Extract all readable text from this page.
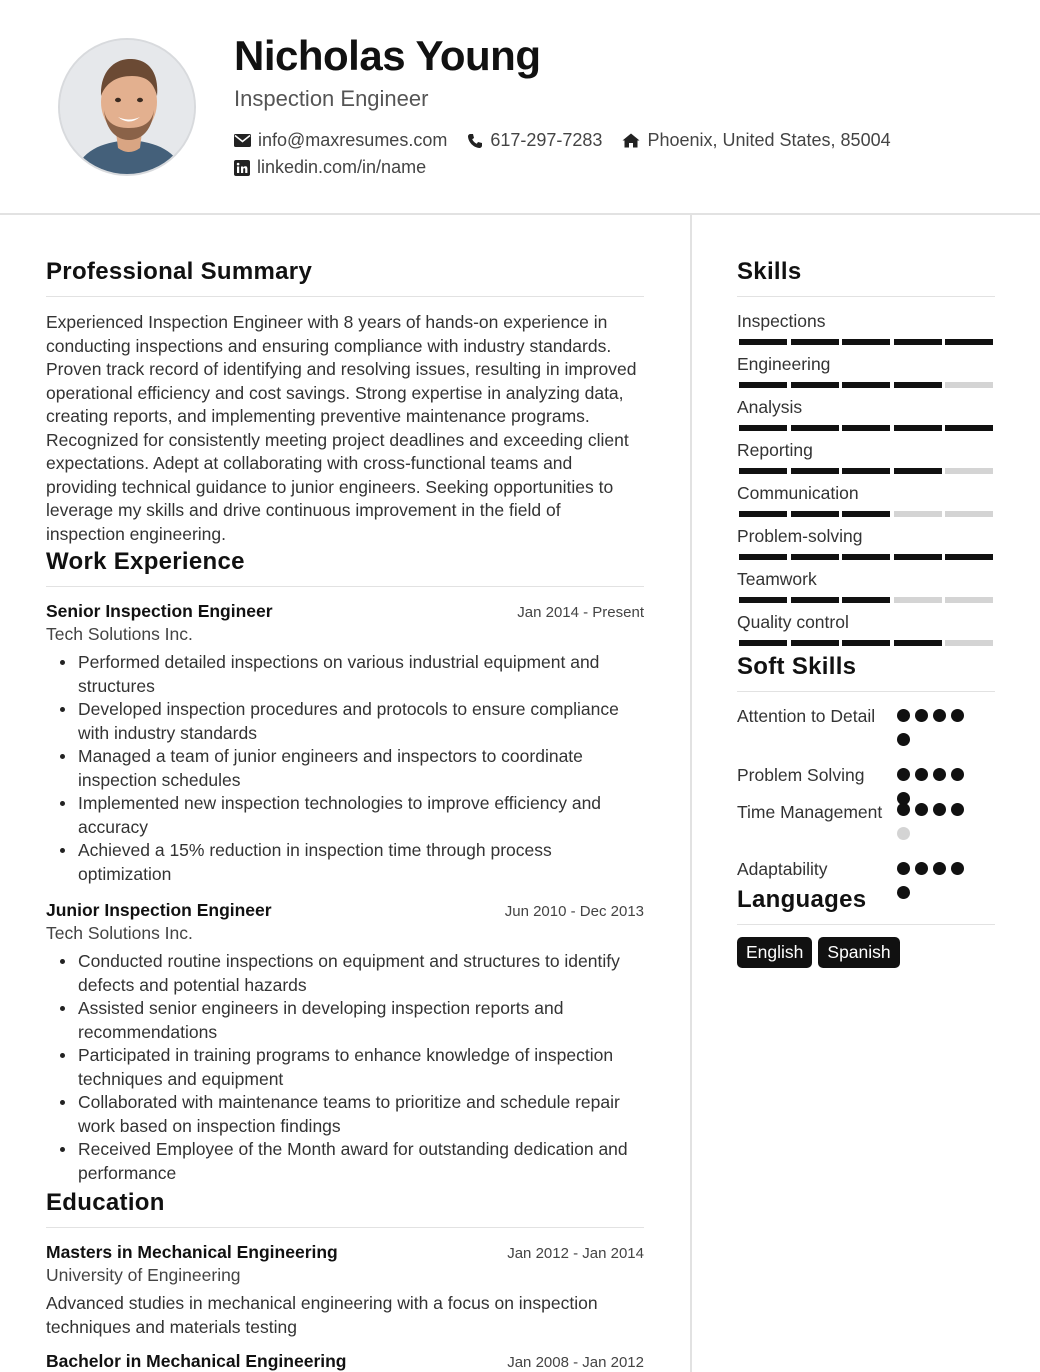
Nicholas Young
Inspection Engineer
info@maxresumes.com 617-297-7283	Phoenix, United States, 85004
linkedin.com/in/name
Professional Summary
Experienced Inspection Engineer with 8 years of hands-on experience in conducting inspections and ensuring compliance with industry standards. Proven track record of identifying and resolving issues, resulting in improved operational efficiency and cost savings. Strong expertise in analyzing data, creating reports, and implementing preventive maintenance programs. Recognized for consistently meeting project deadlines and exceeding client expectations. Adept at collaborating with cross-functional teams and providing technical guidance to junior engineers. Seeking opportunities to leverage my skills and drive continuous improvement in the field of inspection engineering.
Work Experience
Senior Inspection Engineer	Jan 2014 - Present
Tech Solutions Inc.
Performed detailed inspections on various industrial equipment and structures
Developed inspection procedures and protocols to ensure compliance with industry standards
Managed a team of junior engineers and inspectors to coordinate inspection schedules
Implemented new inspection technologies to improve efficiency and accuracy
Achieved a 15% reduction in inspection time through process optimization
Junior Inspection Engineer	Jun 2010 - Dec 2013
Tech Solutions Inc.
Conducted routine inspections on equipment and structures to identify defects and potential hazards
Assisted senior engineers in developing inspection reports and recommendations
Participated in training programs to enhance knowledge of inspection techniques and equipment
Collaborated with maintenance teams to prioritize and schedule repair work based on inspection findings
Received Employee of the Month award for outstanding dedication and performance
Education
Masters in Mechanical Engineering	Jan 2012 - Jan 2014
University of Engineering
Advanced studies in mechanical engineering with a focus on inspection techniques and materials testing
Bachelor in Mechanical Engineering	Jan 2008 - Jan 2012
Skills
Inspections
Engineering
Analysis
Reporting
Communication
Problem-solving
Teamwork
Quality control
Soft Skills
Attention to Detail
Problem Solving
Time Management
Adaptability
Languages
English	Spanish
